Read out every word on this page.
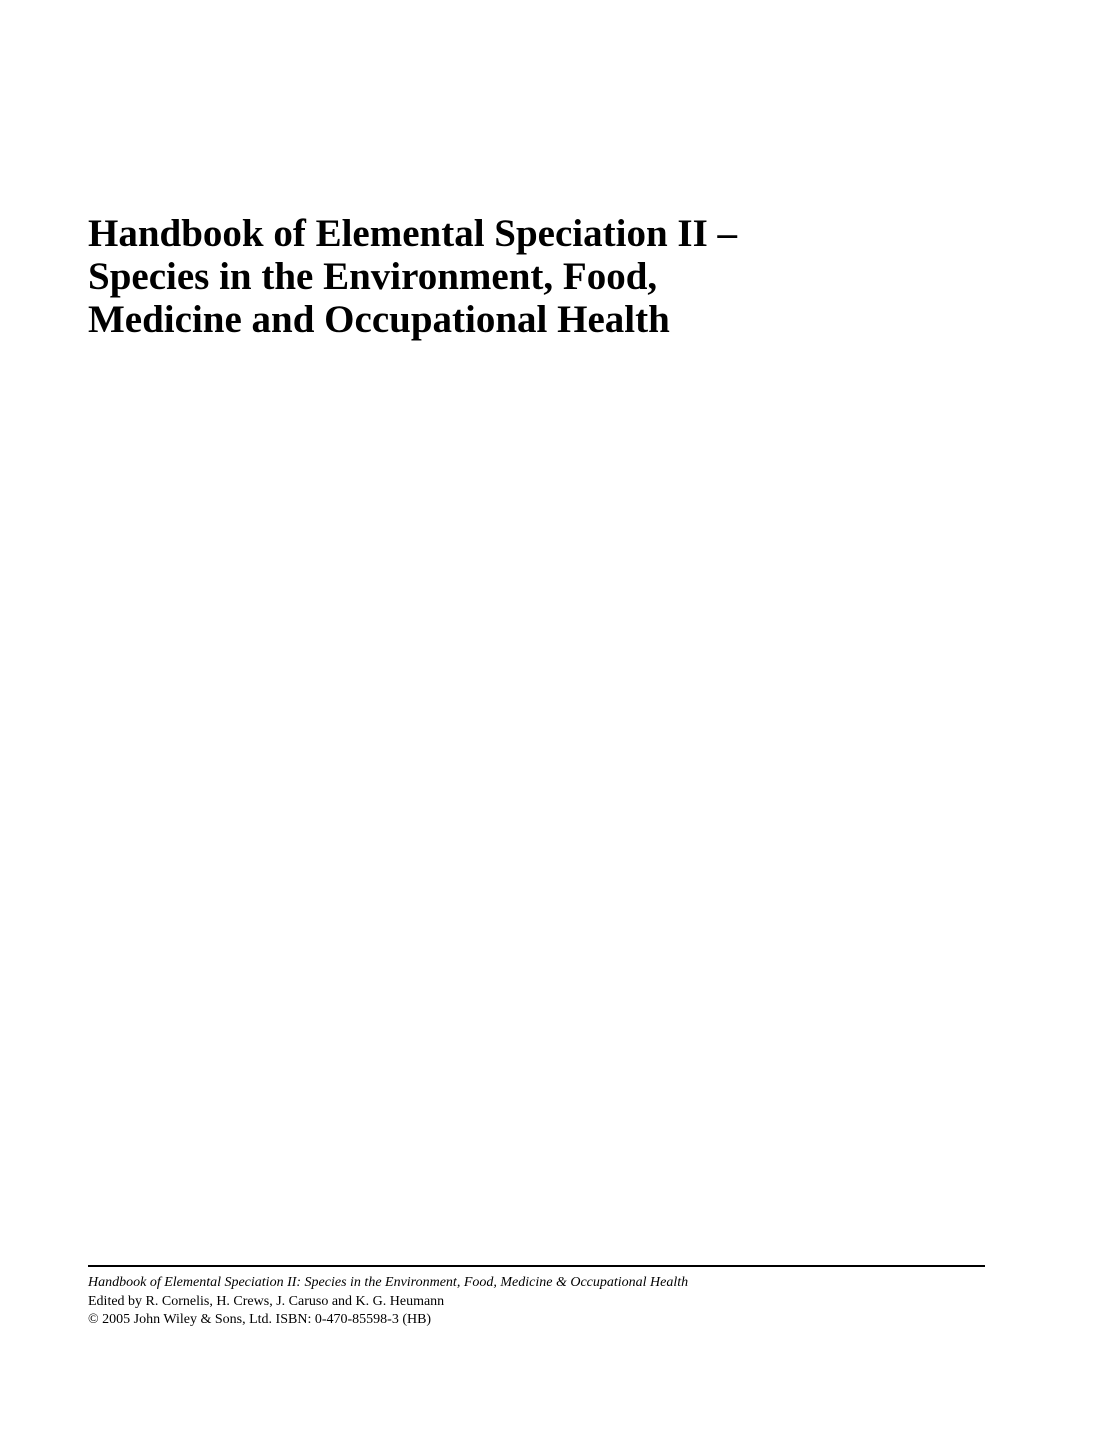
Handbook of Elemental Speciation II –
Species in the Environment, Food,
Medicine and Occupational Health
Handbook of Elemental Speciation II: Species in the Environment, Food, Medicine & Occupational Health
Edited by R. Cornelis, H. Crews, J. Caruso and K. G. Heumann
© 2005 John Wiley & Sons, Ltd. ISBN: 0-470-85598-3 (HB)
